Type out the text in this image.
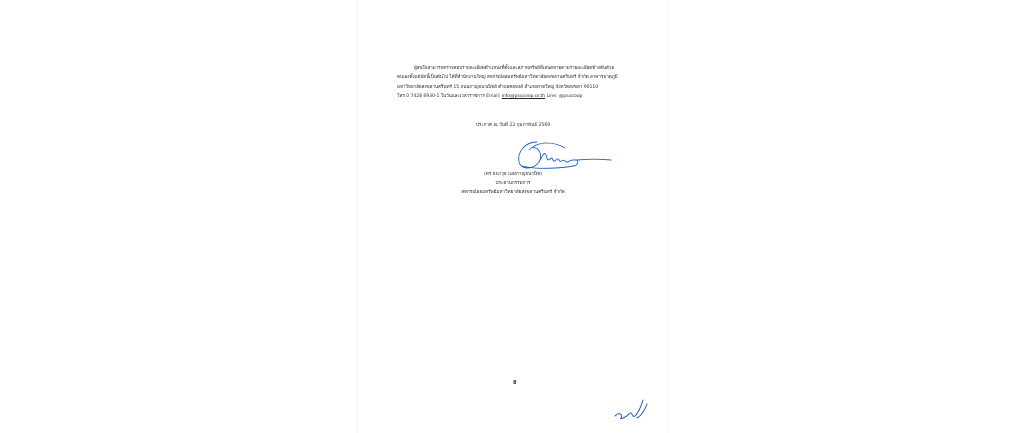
ผู้สนใจสามารถตรวจสอบรายละเอียดตำแหน่งที่ตั้งและสภาพทรัพย์ที่เสนอขายตามรายละเอียดข้างต้นด้วย

ตนเองตั้งแต่บัดนี้เป็นต้นไป ได้ที่สำนักงานใหญ่ สหกรณ์ออมทรัพย์มหาวิทยาลัยสงขลานครินทร์ จำกัด อาคารมาตุภูมิ

มหาวิทยาลัยสงขลานครินทร์ 15 ถนนกาญจนวณิชย์ ตำบลคอหงส์ อำเภอหาดใหญ่ จังหวัดสงขลา 90110

โทร.0 7428 6930-1 ในวันและเวลาราชการ Email: info@psucoop.or.th Line: @psucoop

ประกาศ ณ วันที่ 23 กุมภาพันธ์ 2569
(ดร.ธนาวุธ แสงกาญจนวนิช)
ประธานกรรมการ
สหกรณ์ออมทรัพย์มหาวิทยาลัยสงขลานครินทร์ จำกัด
8
